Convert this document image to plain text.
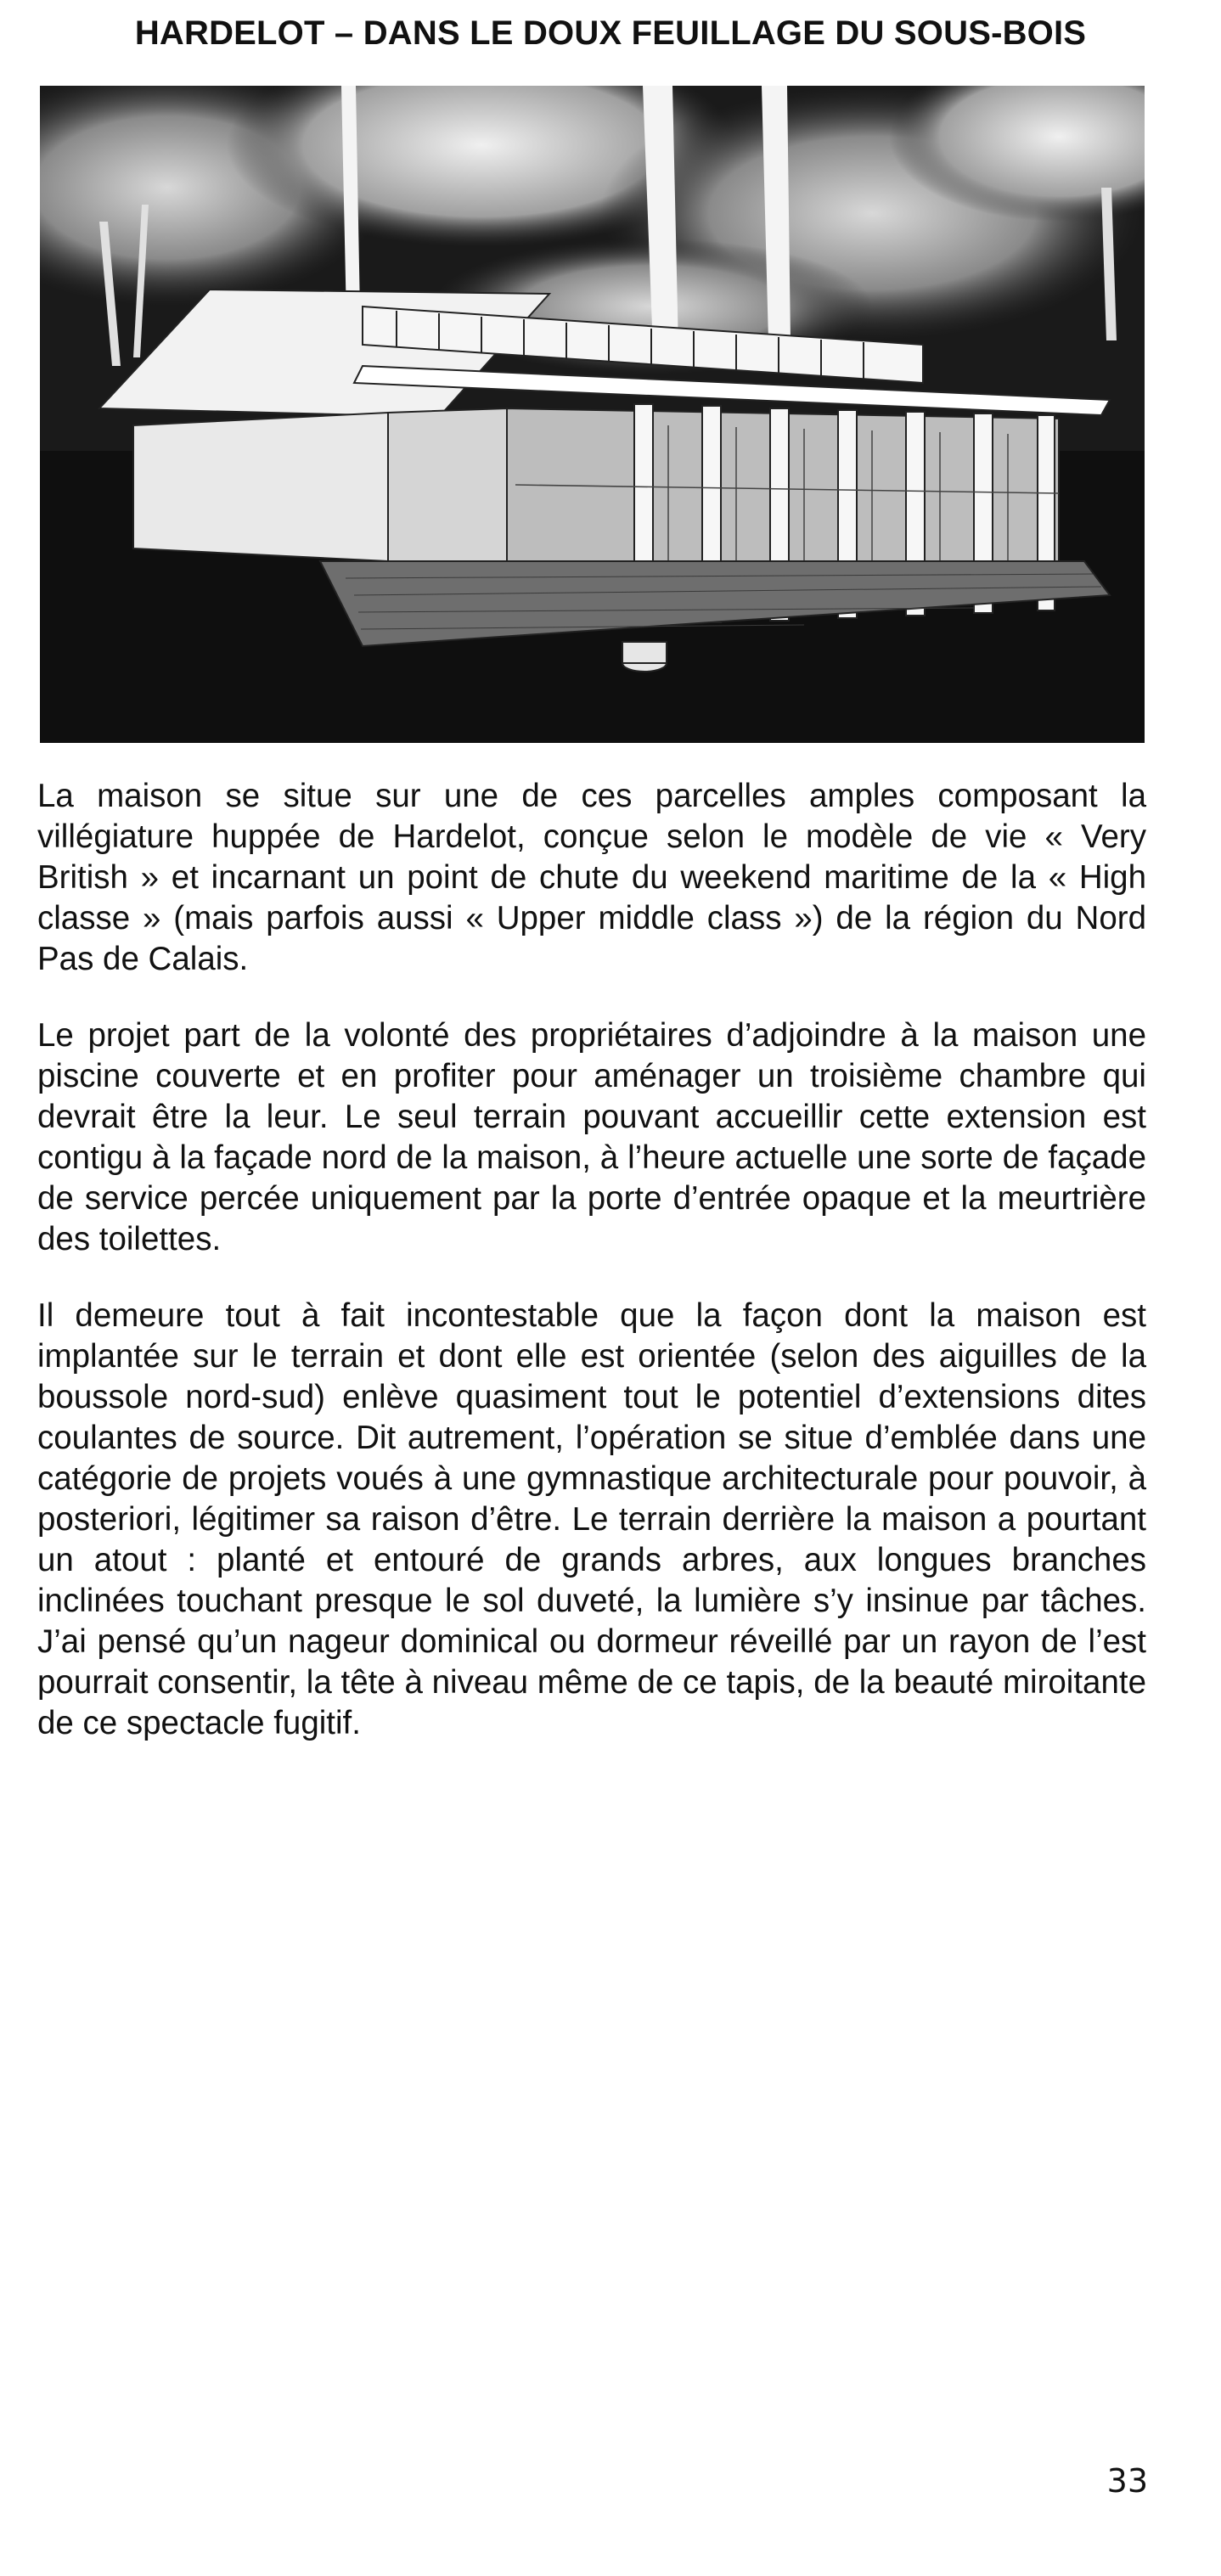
HARDELOT – DANS LE DOUX FEUILLAGE DU SOUS-BOIS

La maison se situe sur une de ces parcelles amples composant la villégiature huppée de Hardelot, conçue selon le modèle de vie « Very British » et incarnant un point de chute du weekend maritime de la « High classe » (mais parfois aussi « Upper middle class ») de la région du Nord Pas de Calais.

Le projet part de la volonté des propriétaires d’adjoindre à la maison une piscine couverte et en profiter pour aménager un troisième chambre qui devrait être la leur. Le seul terrain pouvant accueillir cette extension est contigu à la façade nord de la maison, à l’heure actuelle une sorte de façade de service percée uniquement par la porte d’entrée opaque et la meurtrière des toilettes.

Il demeure tout à fait incontestable que la façon dont la maison est implantée sur le terrain et dont elle est orientée (selon des aiguilles de la boussole nord-sud) enlève quasiment tout le potentiel d’extensions dites coulantes de source. Dit autrement, l’opération se situe d’emblée dans une catégorie de projets voués à une gymnastique architecturale pour pouvoir, à posteriori, légitimer sa raison d’être. Le terrain derrière la maison a pourtant un atout : planté et entouré de grands arbres, aux longues branches inclinées touchant presque le sol duveté, la lumière s’y insinue par tâches. J’ai pensé qu’un nageur dominical ou dormeur réveillé par un rayon de l’est pourrait consentir, la tête à niveau même de ce tapis, de la beauté miroitante de ce spectacle fugitif.

33
